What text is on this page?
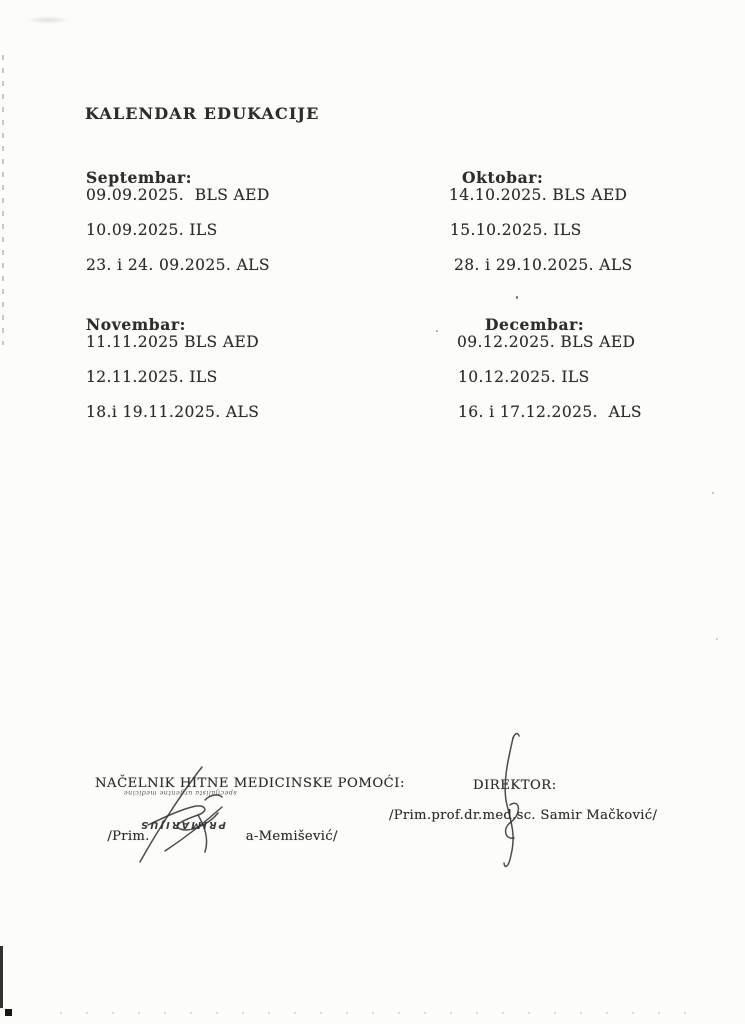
KALENDAR EDUKACIJE
Septembar:
09.09.2025.  BLS AED
10.09.2025. ILS
23. i 24. 09.2025. ALS
Oktobar:
14.10.2025. BLS AED
15.10.2025. ILS
28. i 29.10.2025. ALS
Novembar:
11.11.2025 BLS AED
12.11.2025. ILS
18.i 19.11.2025. ALS
Decembar:
09.12.2025. BLS AED
10.12.2025. ILS
16. i 17.12.2025.  ALS
NAČELNIK HITNE MEDICINSKE POMOĆI:

/Prim.	a-Memišević/

specijalista urgentne medicine
PRIMARIJUS
DIREKTOR:
/Prim.prof.dr.med.sc. Samir Mačković/
